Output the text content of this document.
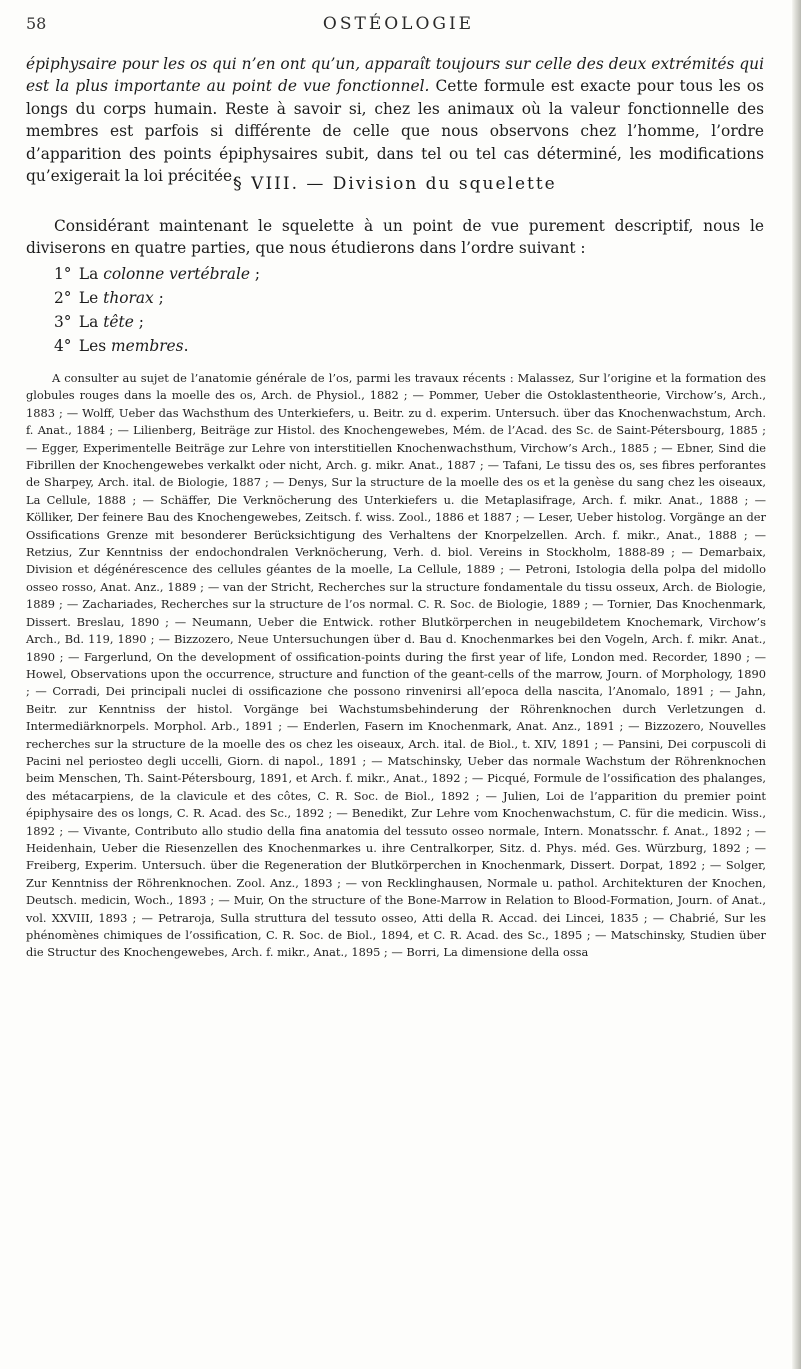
58	OSTÉOLOGIE

épiphysaire pour les os qui n’en ont qu’un, apparaît toujours sur celle des deux extrémités qui est la plus importante au point de vue fonctionnel. Cette formule est exacte pour tous les os longs du corps humain. Reste à savoir si, chez les animaux où la valeur fonctionnelle des membres est parfois si différente de celle que nous observons chez l’homme, l’ordre d’apparition des points épiphysaires subit, dans tel ou tel cas déterminé, les modifications qu’exigerait la loi précitée.

§ VIII. — Division du squelette

Considérant maintenant le squelette à un point de vue purement descriptif, nous le diviserons en quatre parties, que nous étudierons dans l’ordre suivant :

1° La colonne vertébrale ;
2° Le thorax ;
3° La tête ;
4° Les membres.

A consulter au sujet de l’anatomie générale de l’os, parmi les travaux récents : Malassez, Sur l’origine et la formation des globules rouges dans la moelle des os, Arch. de Physiol., 1882 ; — Pommer, Ueber die Ostoklastentheorie, Virchow’s, Arch., 1883 ; — Wolff, Ueber das Wachsthum des Unterkiefers, u. Beitr. zu d. experim. Untersuch. über das Knochenwachstum, Arch. f. Anat., 1884 ; — Lilienberg, Beiträge zur Histol. des Knochengewebes, Mém. de l’Acad. des Sc. de Saint-Pétersbourg, 1885 ; — Egger, Experimentelle Beiträge zur Lehre von interstitiellen Knochenwachsthum, Virchow’s Arch., 1885 ; — Ebner, Sind die Fibrillen der Knochengewebes verkalkt oder nicht, Arch. g. mikr. Anat., 1887 ; — Tafani, Le tissu des os, ses fibres perforantes de Sharpey, Arch. ital. de Biologie, 1887 ; — Denys, Sur la structure de la moelle des os et la genèse du sang chez les oiseaux, La Cellule, 1888 ; — Schäffer, Die Verknöcherung des Unterkiefers u. die Metaplasifrage, Arch. f. mikr. Anat., 1888 ; — Kölliker, Der feinere Bau des Knochengewebes, Zeitsch. f. wiss. Zool., 1886 et 1887 ; — Leser, Ueber histolog. Vorgänge an der Ossifications Grenze mit besonderer Berücksichtigung des Verhaltens der Knorpelzellen. Arch. f. mikr., Anat., 1888 ; — Retzius, Zur Kenntniss der endochondralen Verknöcherung, Verh. d. biol. Vereins in Stockholm, 1888-89 ; — Demarbaix, Division et dégénérescence des cellules géantes de la moelle, La Cellule, 1889 ; — Petroni, Istologia della polpa del midollo osseo rosso, Anat. Anz., 1889 ; — van der Stricht, Recherches sur la structure fondamentale du tissu osseux, Arch. de Biologie, 1889 ; — Zachariades, Recherches sur la structure de l’os normal. C. R. Soc. de Biologie, 1889 ; — Tornier, Das Knochenmark, Dissert. Breslau, 1890 ; — Neumann, Ueber die Entwick. rother Blutkörperchen in neugebildetem Knochemark, Virchow’s Arch., Bd. 119, 1890 ; — Bizzozero, Neue Untersuchungen über d. Bau d. Knochenmarkes bei den Vogeln, Arch. f. mikr. Anat., 1890 ; — Fargerlund, On the development of ossification-points during the first year of life, London med. Recorder, 1890 ; — Howel, Observations upon the occurrence, structure and function of the geant-cells of the marrow, Journ. of Morphology, 1890 ; — Corradi, Dei principali nuclei di ossificazione che possono rinvenirsi all’epoca della nascita, l’Anomalo, 1891 ; — Jahn, Beitr. zur Kenntniss der histol. Vorgänge bei Wachstumsbehinderung der Röhrenknochen durch Verletzungen d. Intermediärknorpels. Morphol. Arb., 1891 ; — Enderlen, Fasern im Knochenmark, Anat. Anz., 1891 ; — Bizzozero, Nouvelles recherches sur la structure de la moelle des os chez les oiseaux, Arch. ital. de Biol., t. XIV, 1891 ; — Pansini, Dei corpuscoli di Pacini nel periosteo degli uccelli, Giorn. di napol., 1891 ; — Matschinsky, Ueber das normale Wachstum der Röhrenknochen beim Menschen, Th. Saint-Pétersbourg, 1891, et Arch. f. mikr., Anat., 1892 ; — Picqué, Formule de l’ossification des phalanges, des métacarpiens, de la clavicule et des côtes, C. R. Soc. de Biol., 1892 ; — Julien, Loi de l’apparition du premier point épiphysaire des os longs, C. R. Acad. des Sc., 1892 ; — Benedikt, Zur Lehre vom Knochenwachstum, C. für die medicin. Wiss., 1892 ; — Vivante, Contributo allo studio della fina anatomia del tessuto osseo normale, Intern. Monatsschr. f. Anat., 1892 ; — Heidenhain, Ueber die Riesenzellen des Knochenmarkes u. ihre Centralkorper, Sitz. d. Phys. méd. Ges. Würzburg, 1892 ; — Freiberg, Experim. Untersuch. über die Regeneration der Blutkörperchen in Knochenmark, Dissert. Dorpat, 1892 ; — Solger, Zur Kenntniss der Röhrenknochen. Zool. Anz., 1893 ; — von Recklinghausen, Normale u. pathol. Architekturen der Knochen, Deutsch. medicin, Woch., 1893 ; — Muir, On the structure of the Bone-Marrow in Relation to Blood-Formation, Journ. of Anat., vol. XXVIII, 1893 ; — Petraroja, Sulla struttura del tessuto osseo, Atti della R. Accad. dei Lincei, 1835 ; — Chabrié, Sur les phénomènes chimiques de l’ossification, C. R. Soc. de Biol., 1894, et C. R. Acad. des Sc., 1895 ; — Matschinsky, Studien über die Structur des Knochengewebes, Arch. f. mikr., Anat., 1895 ; — Borri, La dimensione della ossa
